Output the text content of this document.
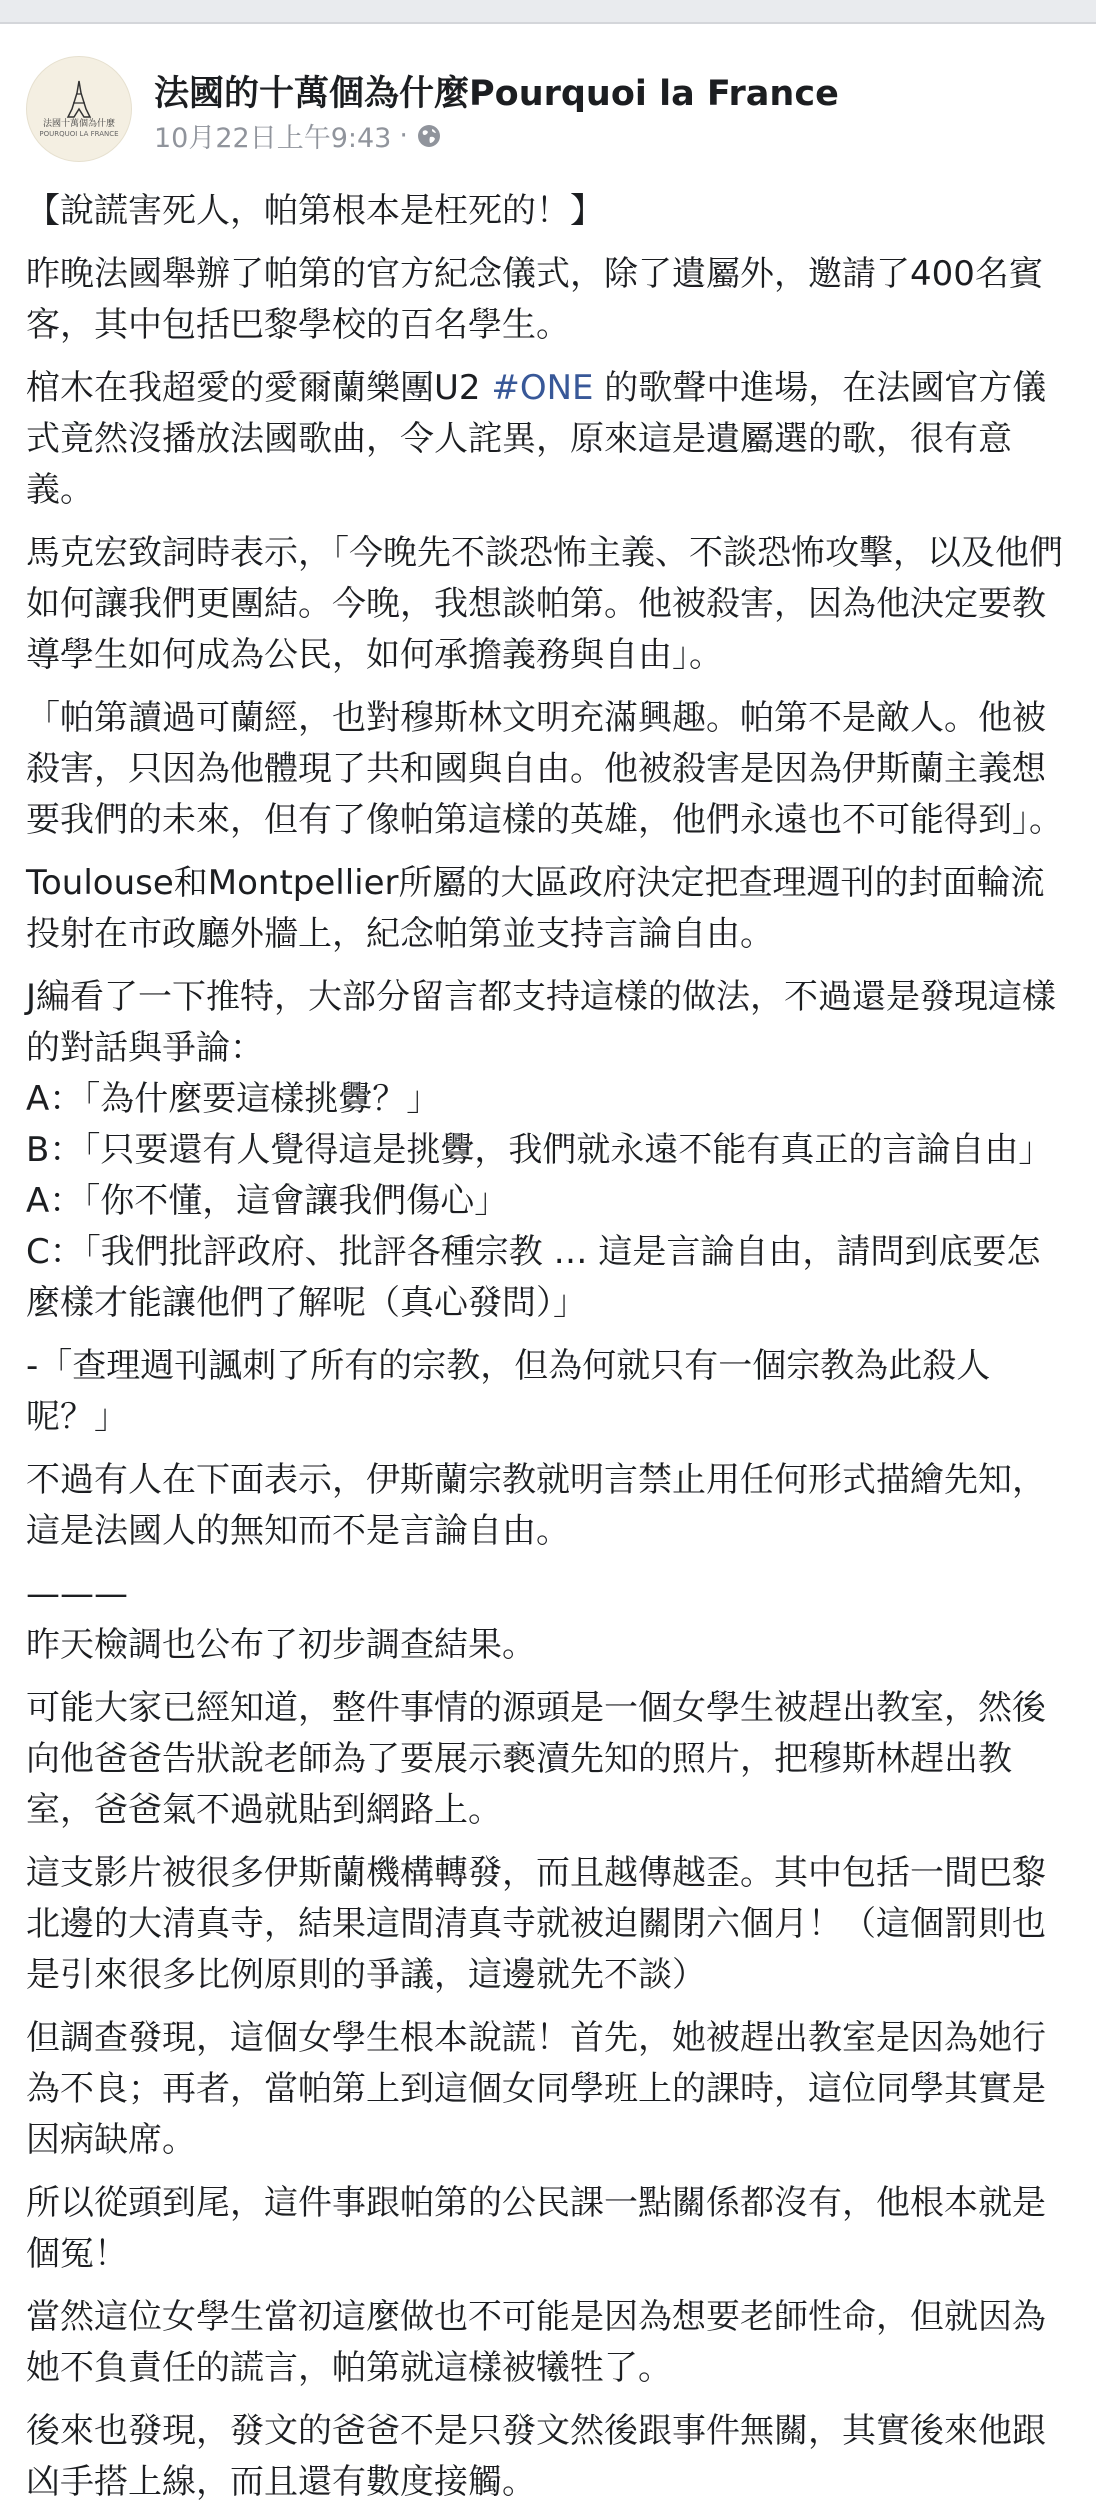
法國十萬個為什麼
POURQUOI LA FRANCE
法國的十萬個為什麼Pourquoi la France
10月22日上午9:43 ·

【說謊害死人，帕第根本是枉死的！】

昨晚法國舉辦了帕第的官方紀念儀式，除了遺屬外，邀請了400名賓客，其中包括巴黎學校的百名學生。

棺木在我超愛的愛爾蘭樂團U2 #ONE 的歌聲中進場，在法國官方儀式竟然沒播放法國歌曲，令人詫異，原來這是遺屬選的歌，很有意義。

馬克宏致詞時表示，「今晚先不談恐怖主義、不談恐怖攻擊，以及他們如何讓我們更團結。今晚，我想談帕第。他被殺害，因為他決定要教導學生如何成為公民，如何承擔義務與自由」。

「帕第讀過可蘭經，也對穆斯林文明充滿興趣。帕第不是敵人。他被殺害，只因為他體現了共和國與自由。他被殺害是因為伊斯蘭主義想要我們的未來，但有了像帕第這樣的英雄，他們永遠也不可能得到」。

Toulouse和Montpellier所屬的大區政府決定把查理週刊的封面輪流投射在市政廳外牆上，紀念帕第並支持言論自由。

J編看了一下推特，大部分留言都支持這樣的做法，不過還是發現這樣的對話與爭論：
A：「為什麼要這樣挑釁？」
B：「只要還有人覺得這是挑釁，我們就永遠不能有真正的言論自由」
A：「你不懂，這會讓我們傷心」
C：「我們批評政府、批評各種宗教 … 這是言論自由，請問到底要怎麼樣才能讓他們了解呢（真心發問）」

-「查理週刊諷刺了所有的宗教，但為何就只有一個宗教為此殺人呢？」

不過有人在下面表示，伊斯蘭宗教就明言禁止用任何形式描繪先知，這是法國人的無知而不是言論自由。

———
昨天檢調也公布了初步調查結果。

可能大家已經知道，整件事情的源頭是一個女學生被趕出教室，然後向他爸爸告狀說老師為了要展示褻瀆先知的照片，把穆斯林趕出教室，爸爸氣不過就貼到網路上。

這支影片被很多伊斯蘭機構轉發，而且越傳越歪。其中包括一間巴黎北邊的大清真寺，結果這間清真寺就被迫關閉六個月！（這個罰則也是引來很多比例原則的爭議，這邊就先不談）

但調查發現，這個女學生根本說謊！首先，她被趕出教室是因為她行為不良；再者，當帕第上到這個女同學班上的課時，這位同學其實是因病缺席。

所以從頭到尾，這件事跟帕第的公民課一點關係都沒有，他根本就是個冤！

當然這位女學生當初這麼做也不可能是因為想要老師性命，但就因為她不負責任的謊言，帕第就這樣被犧牲了。

後來也發現，發文的爸爸不是只發文然後跟事件無關，其實後來他跟凶手搭上線，而且還有數度接觸。
